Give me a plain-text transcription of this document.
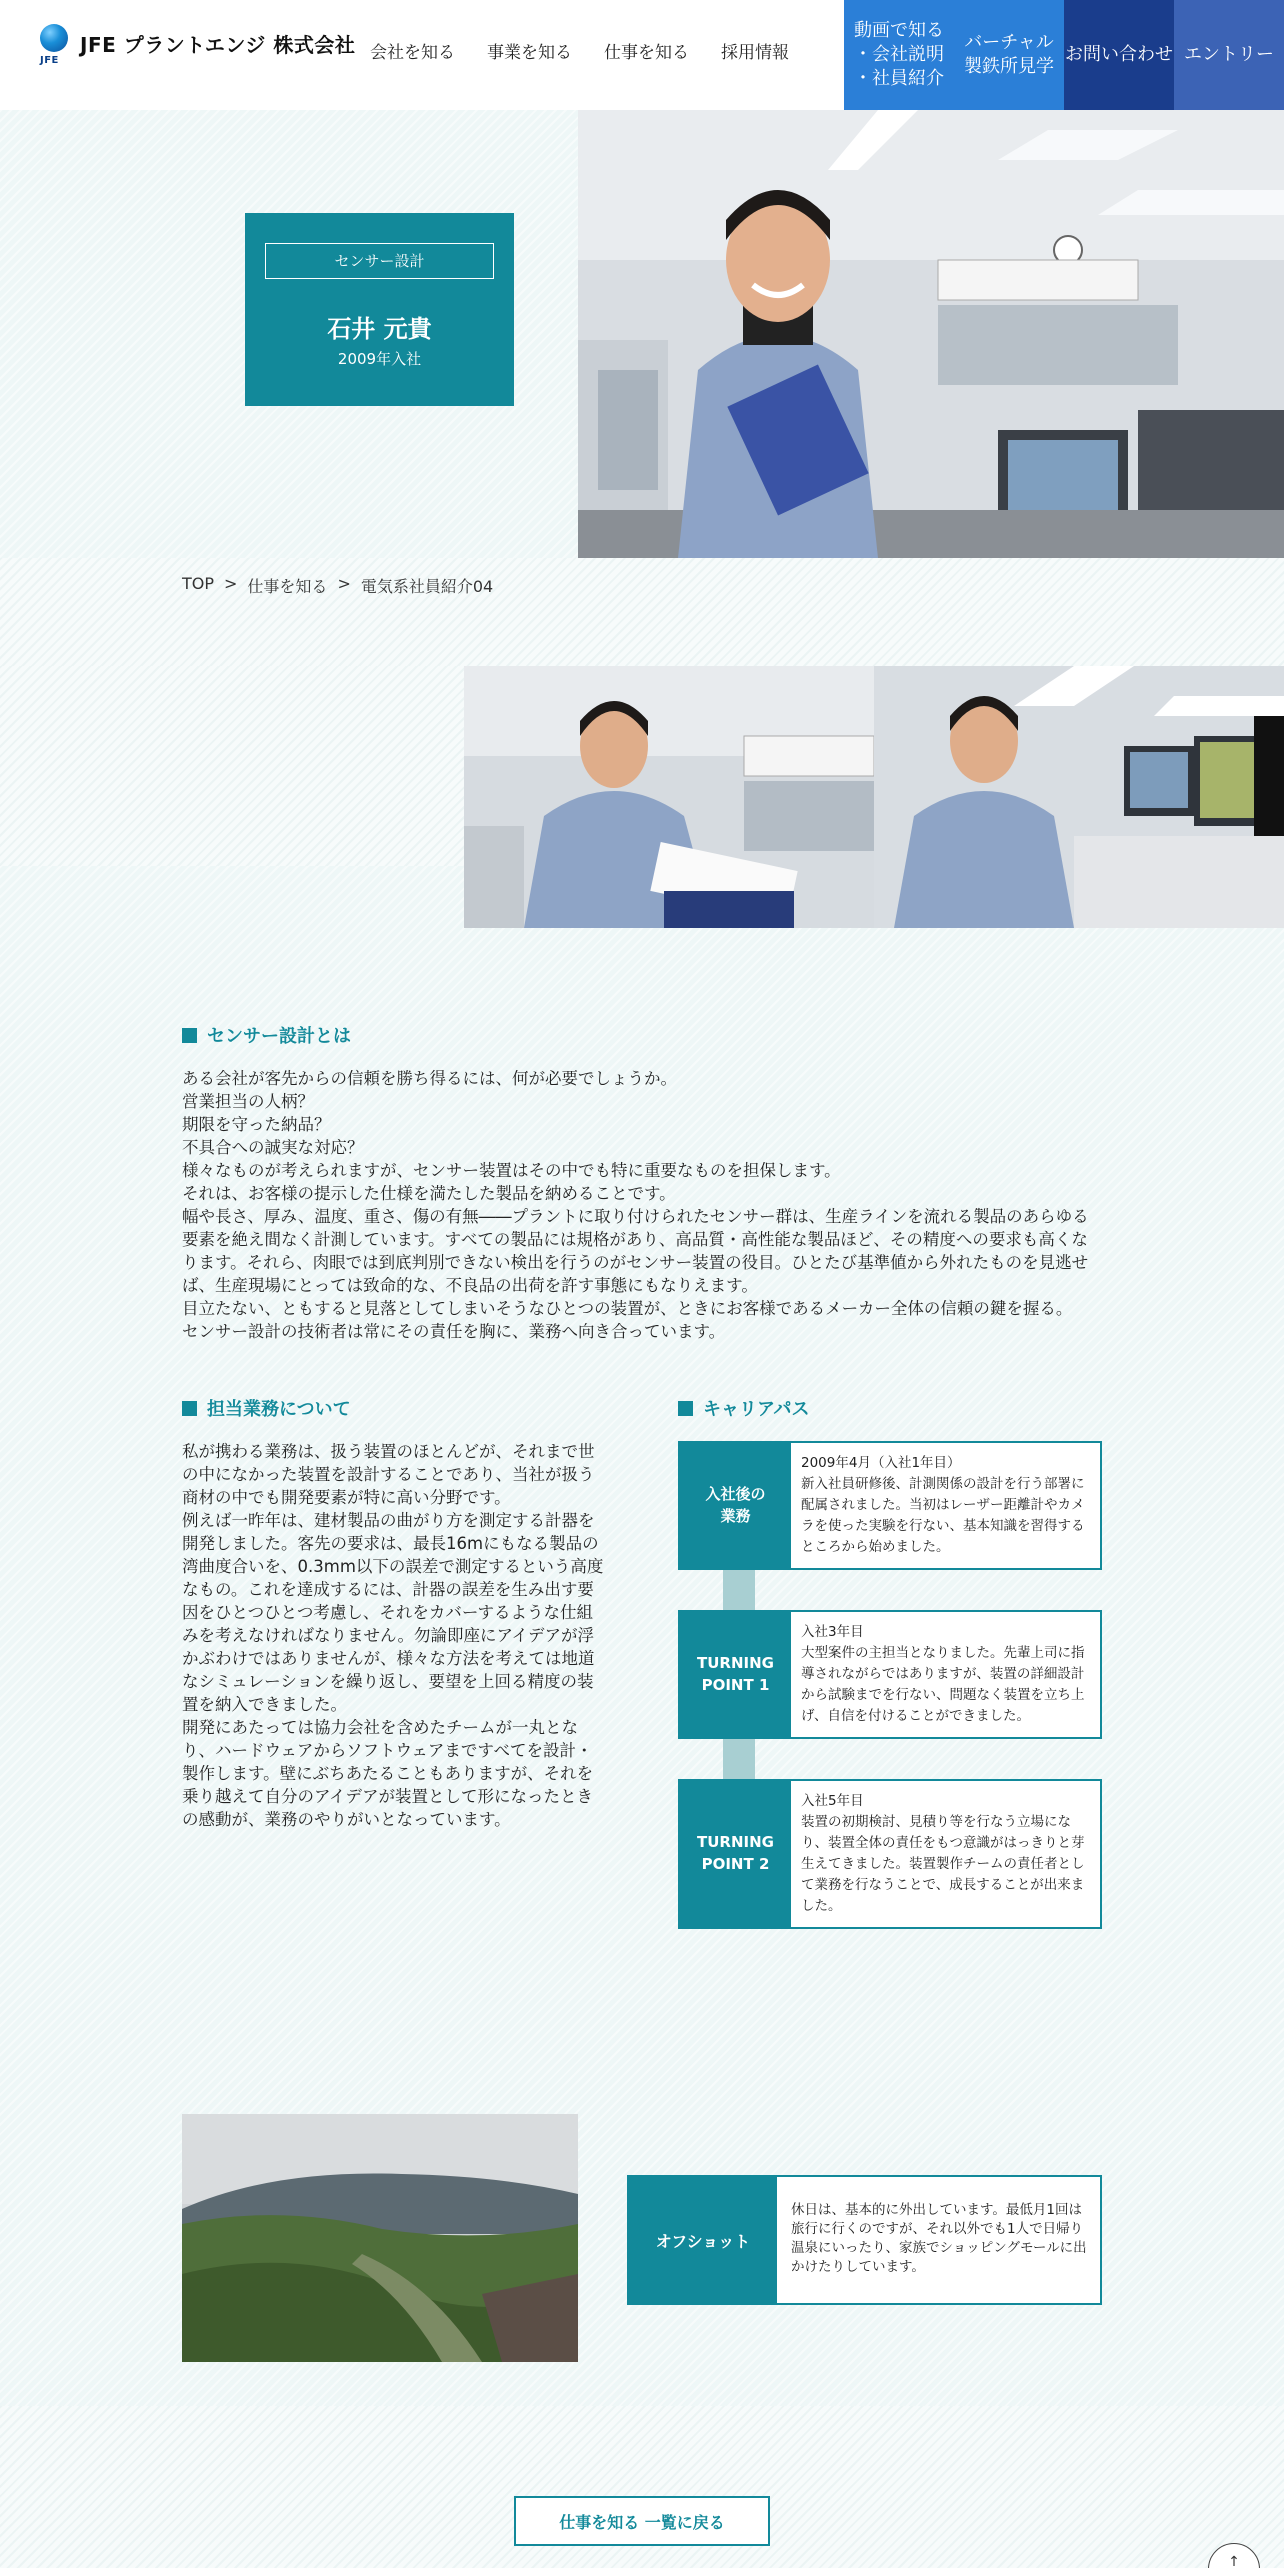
JFE
JFE プラントエンジ 株式会社 会社を知る 事業を知る 仕事を知る 採用情報
動画で知る
・会社説明
・社員紹介
バーチャル
製鉄所見学
お問い合わせ エントリー
センサー設計
石井 元貴
2009年入社
TOP > 仕事を知る > 電気系社員紹介04
センサー設計とは

ある会社が客先からの信頼を勝ち得るには、何が必要でしょうか。

営業担当の人柄？

期限を守った納品？

不具合への誠実な対応？

様々なものが考えられますが、センサー装置はその中でも特に重要なものを担保します。

それは、お客様の提示した仕様を満たした製品を納めることです。

幅や長さ、厚み、温度、重さ、傷の有無――プラントに取り付けられたセンサー群は、生産ラインを流れる製品のあらゆる要素を絶え間なく計測しています。すべての製品には規格があり、高品質・高性能な製品ほど、その精度への要求も高くなります。それら、肉眼では到底判別できない検出を行うのがセンサー装置の役目。ひとたび基準値から外れたものを見逃せば、生産現場にとっては致命的な、不良品の出荷を許す事態にもなりえます。

目立たない、ともすると見落としてしまいそうなひとつの装置が、ときにお客様であるメーカー全体の信頼の鍵を握る。

センサー設計の技術者は常にその責任を胸に、業務へ向き合っています。

担当業務について

私が携わる業務は、扱う装置のほとんどが、それまで世の中になかった装置を設計することであり、当社が扱う商材の中でも開発要素が特に高い分野です。

例えば一昨年は、建材製品の曲がり方を測定する計器を開発しました。客先の要求は、最長16mにもなる製品の湾曲度合いを、0.3mm以下の誤差で測定するという高度なもの。これを達成するには、計器の誤差を生み出す要因をひとつひとつ考慮し、それをカバーするような仕組みを考えなければなりません。勿論即座にアイデアが浮かぶわけではありませんが、様々な方法を考えては地道なシミュレーションを繰り返し、要望を上回る精度の装置を納入できました。

開発にあたっては協力会社を含めたチームが一丸となり、ハードウェアからソフトウェアまですべてを設計・製作します。壁にぶちあたることもありますが、それを乗り越えて自分のアイデアが装置として形になったときの感動が、業務のやりがいとなっています。

キャリアパス
入社後の
業務
2009年4月（入社1年目）
新入社員研修後、計測関係の設計を行う部署に配属されました。当初はレーザー距離計やカメラを使った実験を行ない、基本知識を習得するところから始めました。
TURNING
POINT 1
入社3年目
大型案件の主担当となりました。先輩上司に指導されながらではありますが、装置の詳細設計から試験までを行ない、問題なく装置を立ち上げ、自信を付けることができました。
TURNING
POINT 2
入社5年目
装置の初期検討、見積り等を行なう立場になり、装置全体の責任をもつ意識がはっきりと芽生えてきました。装置製作チームの責任者として業務を行なうことで、成長することが出来ました。
オフショット
休日は、基本的に外出しています。最低月1回は旅行に行くのですが、それ以外でも1人で日帰り温泉にいったり、家族でショッピングモールに出かけたりしています。
仕事を知る 一覧に戻る
↑
